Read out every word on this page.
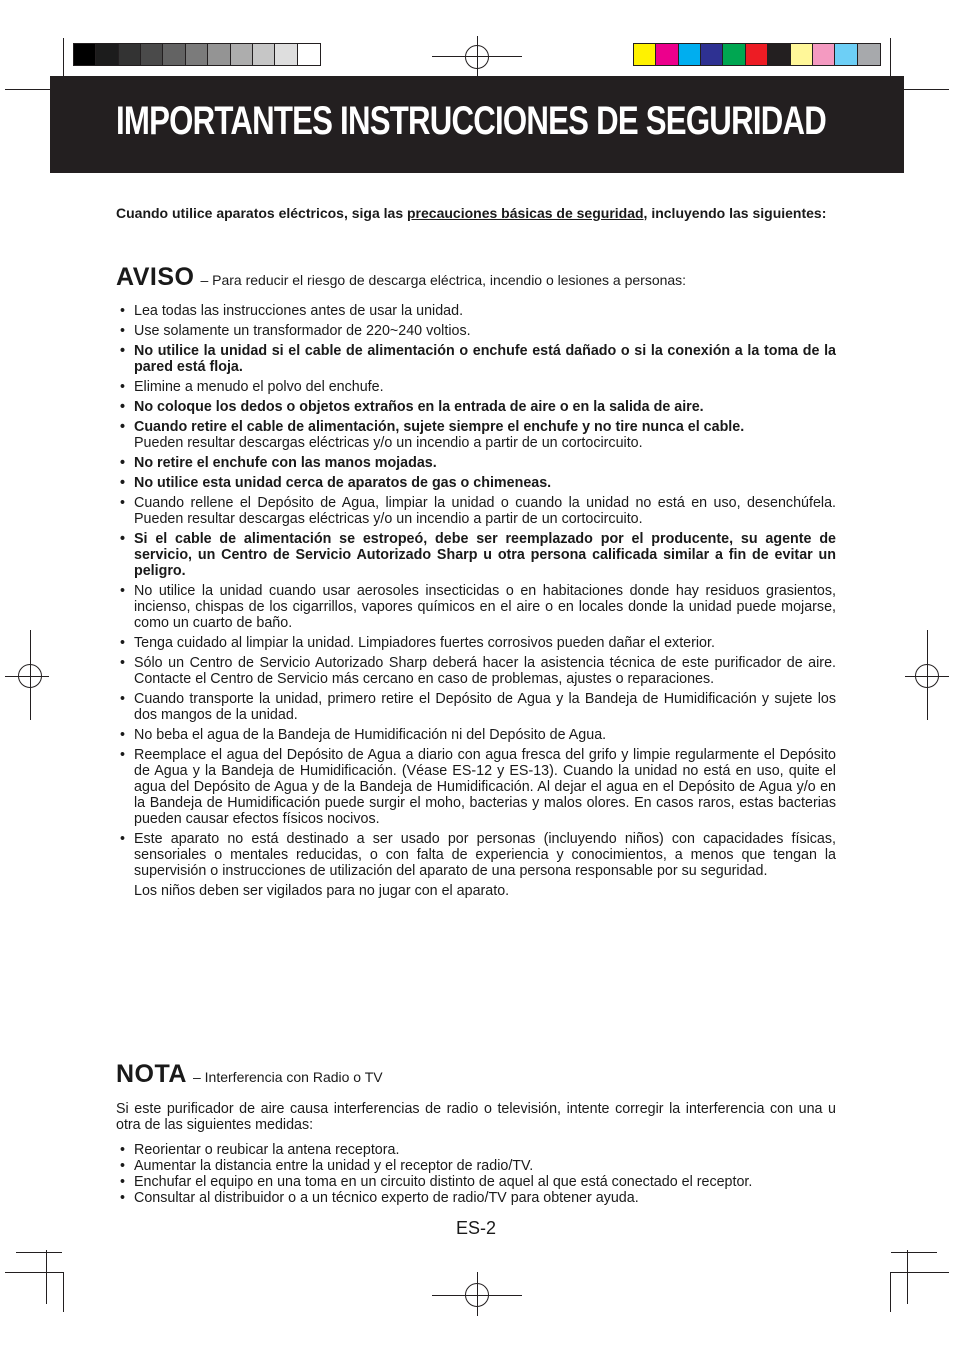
IMPORTANTES INSTRUCCIONES DE SEGURIDAD
Cuando utilice aparatos eléctricos, siga las precauciones básicas de seguridad, incluyendo las siguientes:
AVISO – Para reducir el riesgo de descarga eléctrica, incendio o lesiones a personas:
• Lea todas las instrucciones antes de usar la unidad.
• Use solamente un transformador de 220~240 voltios.
• No utilice la unidad si el cable de alimentación o enchufe está dañado o si la conexión a la toma de la pared está floja.
• Elimine a menudo el polvo del enchufe.
• No coloque los dedos o objetos extraños en la entrada de aire o en la salida de aire.
• Cuando retire el cable de alimentación, sujete siempre el enchufe y no tire nunca el cable.
Pueden resultar descargas eléctricas y/o un incendio a partir de un cortocircuito.
• No retire el enchufe con las manos mojadas.
• No utilice esta unidad cerca de aparatos de gas o chimeneas.
• Cuando rellene el Depósito de Agua, limpiar la unidad o cuando la unidad no está en uso, desenchúfela. Pueden resultar descargas eléctricas y/o un incendio a partir de un cortocircuito.
• Si el cable de alimentación se estropeó, debe ser reemplazado por el producente, su agente de servicio, un Centro de Servicio Autorizado Sharp u otra persona calificada similar a fin de evitar un peligro.
• No utilice la unidad cuando usar aerosoles insecticidas o en habitaciones donde hay residuos grasientos, incienso, chispas de los cigarrillos, vapores químicos en el aire o en locales donde la unidad puede mojarse, como un cuarto de baño.
• Tenga cuidado al limpiar la unidad. Limpiadores fuertes corrosivos pueden dañar el exterior.
• Sólo un Centro de Servicio Autorizado Sharp deberá hacer la asistencia técnica de este purificador de aire. Contacte el Centro de Servicio más cercano en caso de problemas, ajustes o reparaciones.
• Cuando transporte la unidad, primero retire el Depósito de Agua y la Bandeja de Humidificación y sujete los dos mangos de la unidad.
• No beba el agua de la Bandeja de Humidificación ni del Depósito de Agua.
• Reemplace el agua del Depósito de Agua a diario con agua fresca del grifo y limpie regularmente el Depósito de Agua y la Bandeja de Humidificación. (Véase ES-12 y ES-13). Cuando la unidad no está en uso, quite el agua del Depósito de Agua y de la Bandeja de Humidificación. Al dejar el agua en el Depósito de Agua y/o en la Bandeja de Humidificación puede surgir el moho, bacterias y malos olores. En casos raros, estas bacterias pueden causar efectos físicos nocivos.
• Este aparato no está destinado a ser usado por personas (incluyendo niños) con capacidades físicas, sensoriales o mentales reducidas, o con falta de experiencia y conocimientos, a menos que tengan la supervisión o instrucciones de utilización del aparato de una persona responsable por su seguridad.
Los niños deben ser vigilados para no jugar con el aparato.
NOTA – Interferencia con Radio o TV
Si este purificador de aire causa interferencias de radio o televisión, intente corregir la interferencia con una u otra de las siguientes medidas:
• Reorientar o reubicar la antena receptora.
• Aumentar la distancia entre la unidad y el receptor de radio/TV.
• Enchufar el equipo en una toma en un circuito distinto de aquel al que está conectado el receptor.
• Consultar al distribuidor o a un técnico experto de radio/TV para obtener ayuda.
ES-2
